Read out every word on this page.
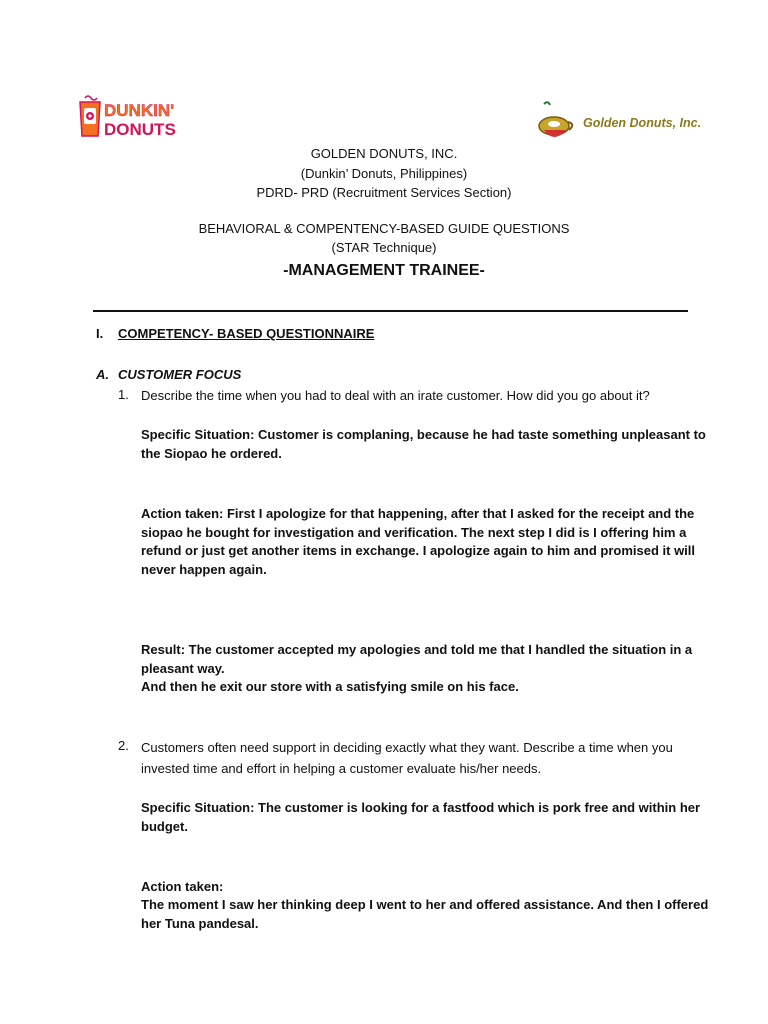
DUNKIN'
DONUTS	Golden Donuts, Inc.
GOLDEN DONUTS, INC.
(Dunkin’ Donuts, Philippines)
PDRD- PRD (Recruitment Services Section)
BEHAVIORAL & COMPENTENCY-BASED GUIDE QUESTIONS
(STAR Technique)
-MANAGEMENT TRAINEE-
I. COMPETENCY- BASED QUESTIONNAIRE
A. CUSTOMER FOCUS
1. Describe the time when you had to deal with an irate customer. How did you go about it?
Specific Situation: Customer is complaning, because he had taste something unpleasant to the Siopao he ordered.
Action taken: First I apologize for that happening, after that I asked for the receipt and the siopao he bought for investigation and verification. The next step I did is I offering him a refund or just get another items in exchange. I apologize again to him and promised it will never happen again.
Result: The customer accepted my apologies and told me that I handled the situation in a pleasant way.
And then he exit our store with a satisfying smile on his face.
2. Customers often need support in deciding exactly what they want. Describe a time when you invested time and effort in helping a customer evaluate his/her needs.
Specific Situation: The customer is looking for a fastfood which is pork free and within her budget.
Action taken:
The moment I saw her thinking deep I went to her and offered assistance. And then I offered her Tuna pandesal.
